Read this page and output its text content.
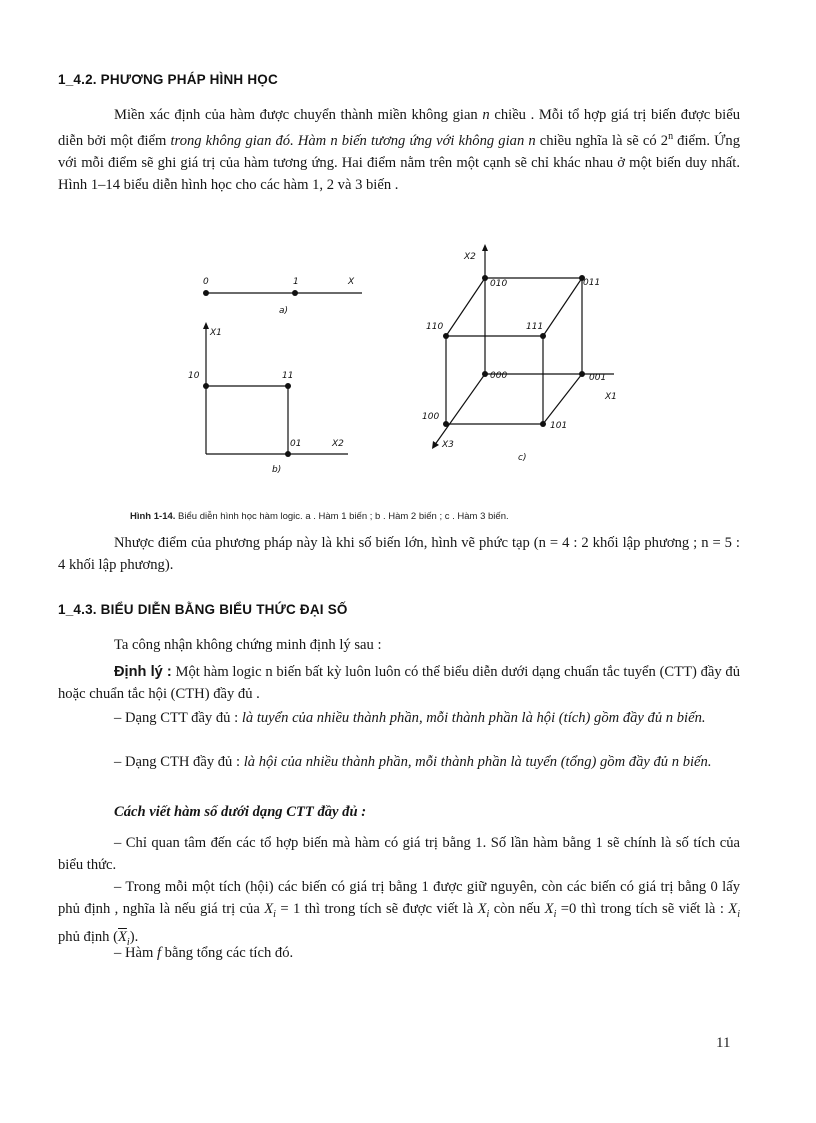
1_4.2. PHƯƠNG PHÁP HÌNH HỌC

Miền xác định của hàm được chuyển thành miền không gian n chiều . Mỗi tổ hợp giá trị biến được biểu diễn bởi một điểm trong không gian đó. Hàm n biến tương ứng với không gian n chiều nghĩa là sẽ có 2$^n$ điểm. Ứng với mỗi điểm sẽ ghi giá trị của hàm tương ứng. Hai điểm nằm trên một cạnh sẽ chỉ khác nhau ở một biến duy nhất. Hình 1–14 biểu diễn hình học cho các hàm 1, 2 và 3 biến .

0	1	X
a)
X1
10	11
01	X2
b)
X2
010	011
110	111
000	001
X1
100
101
X3
c)

Hình 1-14. Biểu diễn hình học hàm logic. a . Hàm 1 biến ; b . Hàm 2 biến ; c . Hàm 3 biến.

Nhược điểm của phương pháp này là khi số biến lớn, hình vẽ phức tạp (n = 4 : 2 khối lập phương ; n = 5 : 4 khối lập phương).

1_4.3. BIỂU DIỄN BẰNG BIỂU THỨC ĐẠI SỐ

Ta công nhận không chứng minh định lý sau :

Định lý : Một hàm logic n biến bất kỳ luôn luôn có thể biểu diễn dưới dạng chuẩn tắc tuyển (CTT) đầy đủ hoặc chuẩn tắc hội (CTH) đầy đủ .

– Dạng CTT đầy đủ : là tuyển của nhiều thành phần, mỗi thành phần là hội (tích) gồm đầy đủ n biến.

– Dạng CTH đầy đủ : là hội của nhiều thành phần, mỗi thành phần là tuyển (tổng) gồm đầy đủ n biến.

Cách viết hàm số dưới dạng CTT đầy đủ :

– Chỉ quan tâm đến các tổ hợp biến mà hàm có giá trị bằng 1. Số lần hàm bằng 1 sẽ chính là số tích của biểu thức.

– Trong mỗi một tích (hội) các biến có giá trị bằng 1 được giữ nguyên, còn các biến có giá trị bằng 0 lấy phủ định , nghĩa là nếu giá trị của $X_i = 1$ thì trong tích sẽ được viết là $X_i$ còn nếu $X_i =0$ thì trong tích sẽ viết là : $X_i$ phủ định $(\overline{X}_i)$.

– Hàm f bằng tổng các tích đó.

11
